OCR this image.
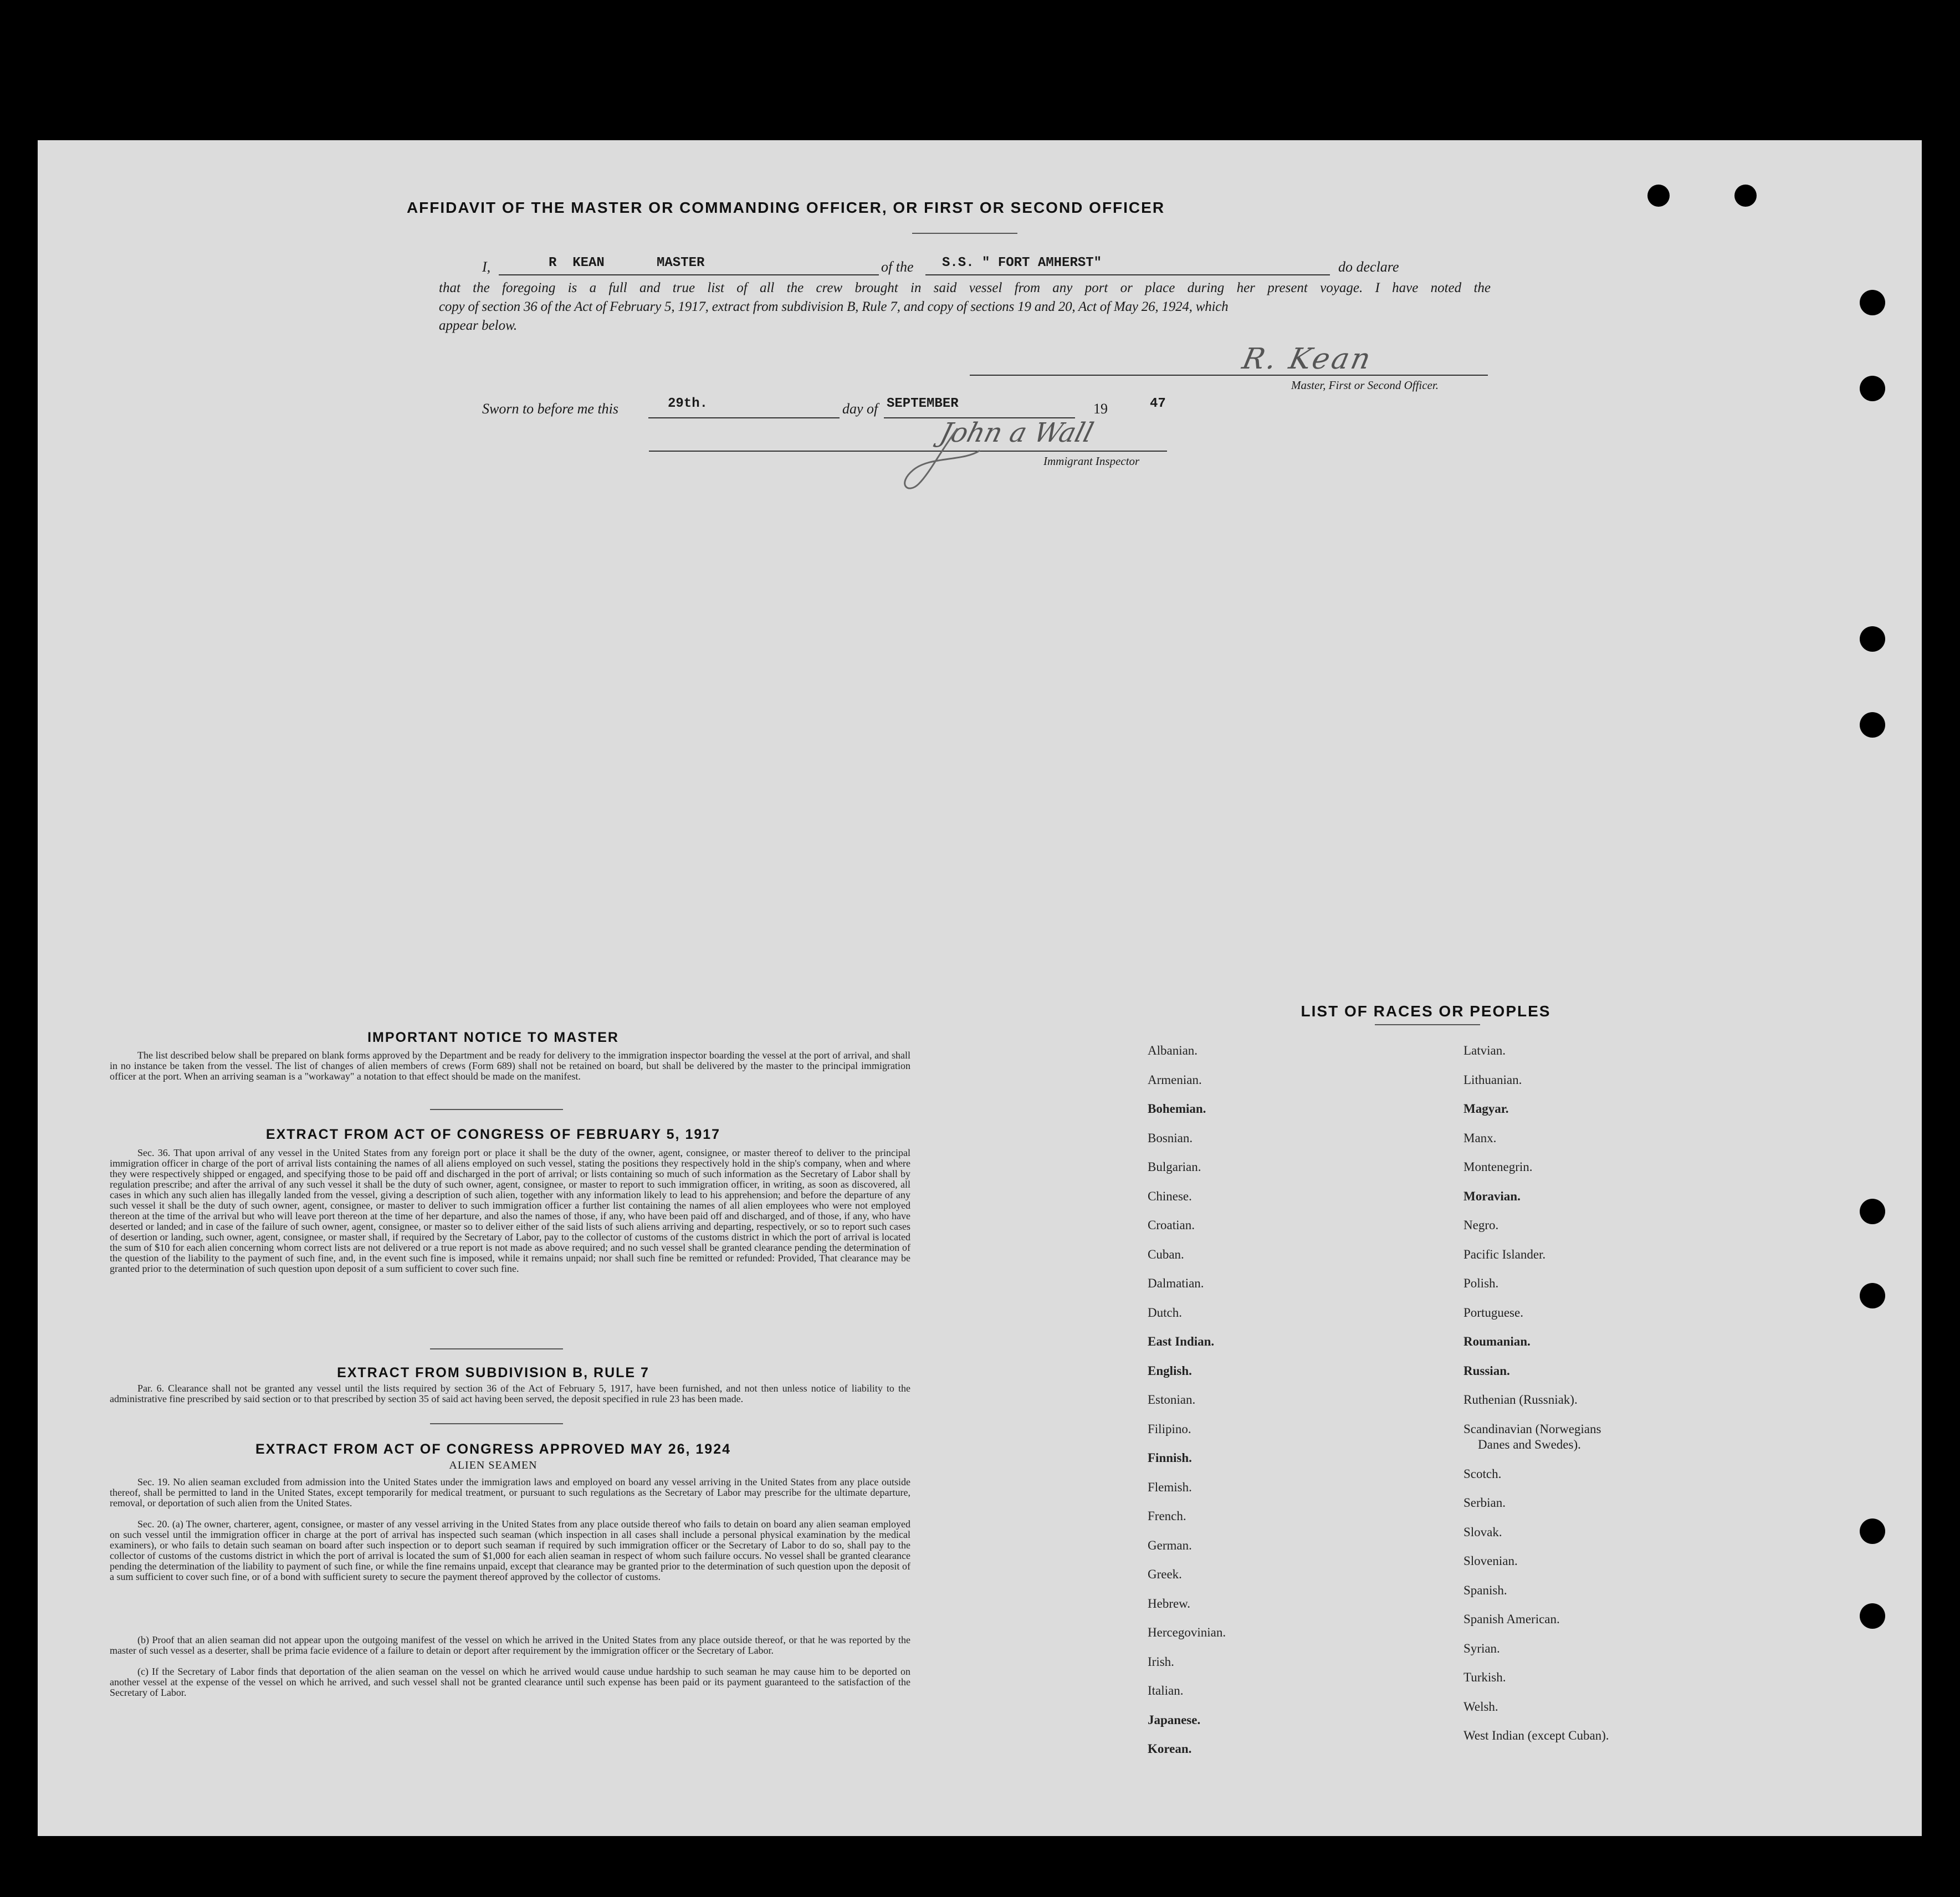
AFFIDAVIT OF THE MASTER OR COMMANDING OFFICER, OR FIRST OR SECOND OFFICER
I,	R  KEAN	MASTER	of the S.S. " FORT AMHERST"	do declare
that the foregoing is a full and true list of all the crew brought in said vessel from any port or place during her present voyage. I have noted the
copy of section 36 of the Act of February 5, 1917, extract from subdivision B, Rule 7, and copy of sections 19 and 20, Act of May 26, 1924, which
appear below.
R. Kean
Master, First or Second Officer.
Sworn to before me this	29th.	day of SEPTEMBER	19	47
John a Wall
Immigrant Inspector
IMPORTANT NOTICE TO MASTER
The list described below shall be prepared on blank forms approved by the Department and be ready for delivery to the immigration inspector boarding the vessel at the port of arrival, and shall in no instance be taken from the vessel. The list of changes of alien members of crews (Form 689) shall not be retained on board, but shall be delivered by the master to the principal immigration officer at the port. When an arriving seaman is a "workaway" a notation to that effect should be made on the manifest.
EXTRACT FROM ACT OF CONGRESS OF FEBRUARY 5, 1917
Sec. 36. That upon arrival of any vessel in the United States from any foreign port or place it shall be the duty of the owner, agent, consignee, or master thereof to deliver to the principal immigration officer in charge of the port of arrival lists containing the names of all aliens employed on such vessel, stating the positions they respectively hold in the ship's company, when and where they were respectively shipped or engaged, and specifying those to be paid off and discharged in the port of arrival; or lists containing so much of such information as the Secretary of Labor shall by regulation prescribe; and after the arrival of any such vessel it shall be the duty of such owner, agent, consignee, or master to report to such immigration officer, in writing, as soon as discovered, all cases in which any such alien has illegally landed from the vessel, giving a description of such alien, together with any information likely to lead to his apprehension; and before the departure of any such vessel it shall be the duty of such owner, agent, consignee, or master to deliver to such immigration officer a further list containing the names of all alien employees who were not employed thereon at the time of the arrival but who will leave port thereon at the time of her departure, and also the names of those, if any, who have been paid off and discharged, and of those, if any, who have deserted or landed; and in case of the failure of such owner, agent, consignee, or master so to deliver either of the said lists of such aliens arriving and departing, respectively, or so to report such cases of desertion or landing, such owner, agent, consignee, or master shall, if required by the Secretary of Labor, pay to the collector of customs of the customs district in which the port of arrival is located the sum of $10 for each alien concerning whom correct lists are not delivered or a true report is not made as above required; and no such vessel shall be granted clearance pending the determination of the question of the liability to the payment of such fine, and, in the event such fine is imposed, while it remains unpaid; nor shall such fine be remitted or refunded: Provided, That clearance may be granted prior to the determination of such question upon deposit of a sum sufficient to cover such fine.
EXTRACT FROM SUBDIVISION B, RULE 7
Par. 6. Clearance shall not be granted any vessel until the lists required by section 36 of the Act of February 5, 1917, have been furnished, and not then unless notice of liability to the administrative fine prescribed by said section or to that prescribed by section 35 of said act having been served, the deposit specified in rule 23 has been made.
EXTRACT FROM ACT OF CONGRESS APPROVED MAY 26, 1924
ALIEN SEAMEN
Sec. 19. No alien seaman excluded from admission into the United States under the immigration laws and employed on board any vessel arriving in the United States from any place outside thereof, shall be permitted to land in the United States, except temporarily for medical treatment, or pursuant to such regulations as the Secretary of Labor may prescribe for the ultimate departure, removal, or deportation of such alien from the United States.
Sec. 20. (a) The owner, charterer, agent, consignee, or master of any vessel arriving in the United States from any place outside thereof who fails to detain on board any alien seaman employed on such vessel until the immigration officer in charge at the port of arrival has inspected such seaman (which inspection in all cases shall include a personal physical examination by the medical examiners), or who fails to detain such seaman on board after such inspection or to deport such seaman if required by such immigration officer or the Secretary of Labor to do so, shall pay to the collector of customs of the customs district in which the port of arrival is located the sum of $1,000 for each alien seaman in respect of whom such failure occurs. No vessel shall be granted clearance pending the determination of the liability to payment of such fine, or while the fine remains unpaid, except that clearance may be granted prior to the determination of such question upon the deposit of a sum sufficient to cover such fine, or of a bond with sufficient surety to secure the payment thereof approved by the collector of customs.
(b) Proof that an alien seaman did not appear upon the outgoing manifest of the vessel on which he arrived in the United States from any place outside thereof, or that he was reported by the master of such vessel as a deserter, shall be prima facie evidence of a failure to detain or deport after requirement by the immigration officer or the Secretary of Labor.
(c) If the Secretary of Labor finds that deportation of the alien seaman on the vessel on which he arrived would cause undue hardship to such seaman he may cause him to be deported on another vessel at the expense of the vessel on which he arrived, and such vessel shall not be granted clearance until such expense has been paid or its payment guaranteed to the satisfaction of the Secretary of Labor.
LIST OF RACES OR PEOPLES
Albanian.
Armenian.
Bohemian.
Bosnian.
Bulgarian.
Chinese.
Croatian.
Cuban.
Dalmatian.
Dutch.
East Indian.
English.
Estonian.
Filipino.
Finnish.
Flemish.
French.
German.
Greek.
Hebrew.
Hercegovinian.
Irish.
Italian.
Japanese.
Korean.
Latvian.
Lithuanian.
Magyar.
Manx.
Montenegrin.
Moravian.
Negro.
Pacific Islander.
Polish.
Portuguese.
Roumanian.
Russian.
Ruthenian (Russniak).
Scandinavian (Norwegians
Danes and Swedes).
Scotch.
Serbian.
Slovak.
Slovenian.
Spanish.
Spanish American.
Syrian.
Turkish.
Welsh.
West Indian (except Cuban).
